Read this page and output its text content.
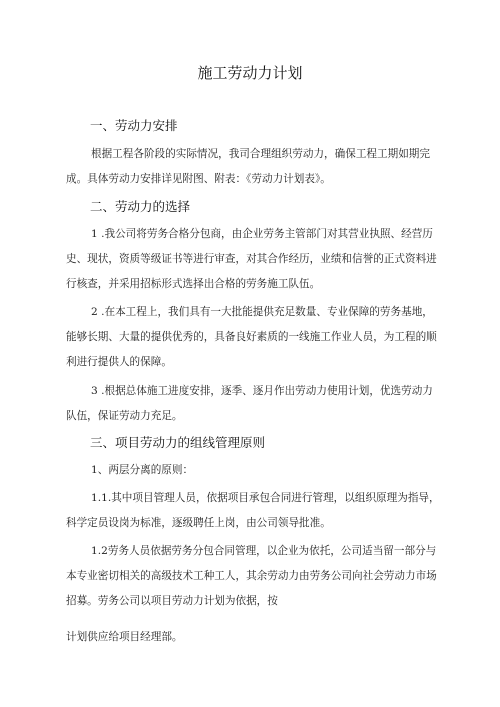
施工劳动力计划
一、劳动力安排

根据工程各阶段的实际情况，我司合理组织劳动力，确保工程工期如期完成。具体劳动力安排详见附图、附表：《劳动力计划表》。

二、劳动力的选择

1 .我公司将劳务合格分包商，由企业劳务主管部门对其营业执照、经营历史、现状，资质等级证书等进行审查，对其合作经历，业绩和信誉的正式资料进行核查，并采用招标形式选择出合格的劳务施工队伍。

2 .在本工程上，我们具有一大批能提供充足数量、专业保障的劳务基地，能够长期、大量的提供优秀的，具备良好素质的一线施工作业人员，为工程的顺利进行提供人的保障。

3 .根据总体施工进度安排，逐季、逐月作出劳动力使用计划，优选劳动力队伍，保证劳动力充足。

三、项目劳动力的组线管理原则
1、两层分离的原则：

1.1.其中项目管理人员，依据项目承包合同进行管理，以组织原理为指导，科学定员设岗为标准，逐级聘任上岗，由公司领导批准。

1.2劳务人员依据劳务分包合同管理，以企业为依托，公司适当留一部分与本专业密切相关的高级技术工种工人，其余劳动力由劳务公司向社会劳动力市场招募。劳务公司以项目劳动力计划为依据，按

计划供应给项目经理部。
